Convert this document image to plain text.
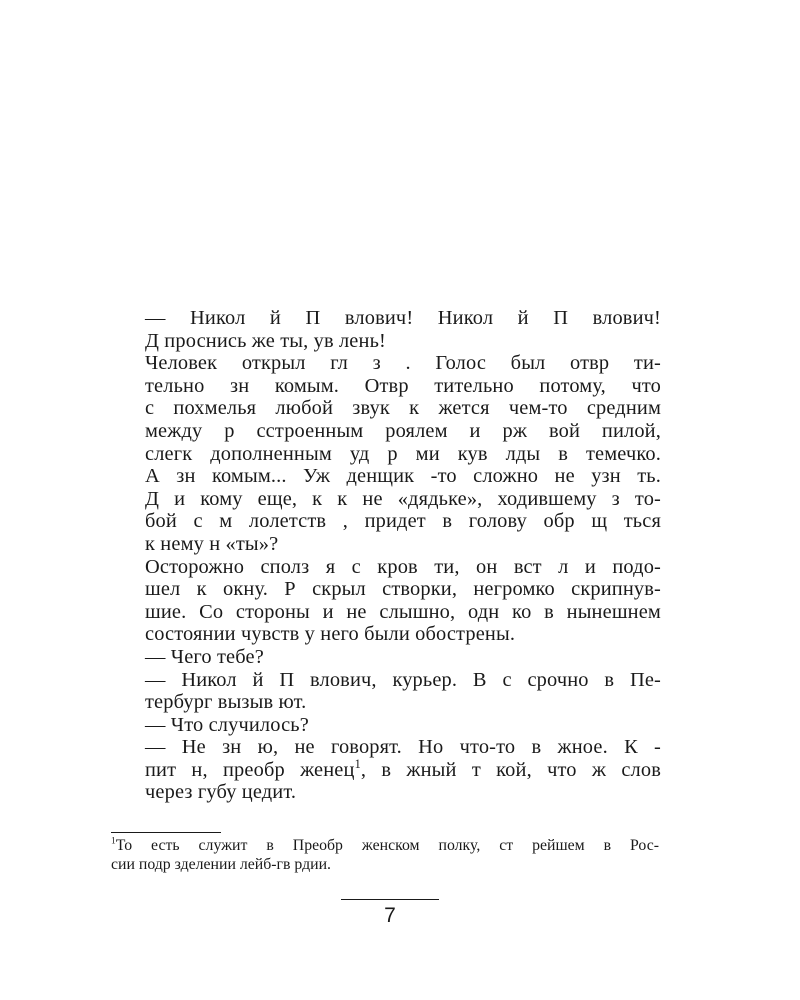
— Никол й П влович! Никол й П влович!
Д проснись же ты, ув лень!

Человек открыл гл з . Голос был отвр ти-
тельно зн комым. Отвр тительно потому, что
с похмелья любой звук к жется чем-то средним
между р сстроенным роялем и рж вой пилой,
слегк дополненным уд р ми кув лды в темечко.
А зн комым... Уж денщик -то сложно не узн ть.
Д и кому еще, к к не «дядьке», ходившему з то-
бой с м лолетств , придет в голову обр щ ться
к нему н «ты»?

Осторожно сполз я с кров ти, он вст л и подо-
шел к окну. Р скрыл створки, негромко скрипнув-
шие. Со стороны и не слышно, одн ко в нынешнем
состоянии чувств у него были обострены.

— Чего тебе?

— Никол й П влович, курьер. В с срочно в Пе-
тербург вызыв ют.

— Что случилось?

— Не зн ю, не говорят. Но что-то в жное. К -
пит н, преобр женец$^1$, в жный т кой, что ж слов
через губу цедит.

$^1$То есть служит в Преобр женском полку, ст рейшем в Рос-
сии подр зделении лейб-гв рдии.
7
